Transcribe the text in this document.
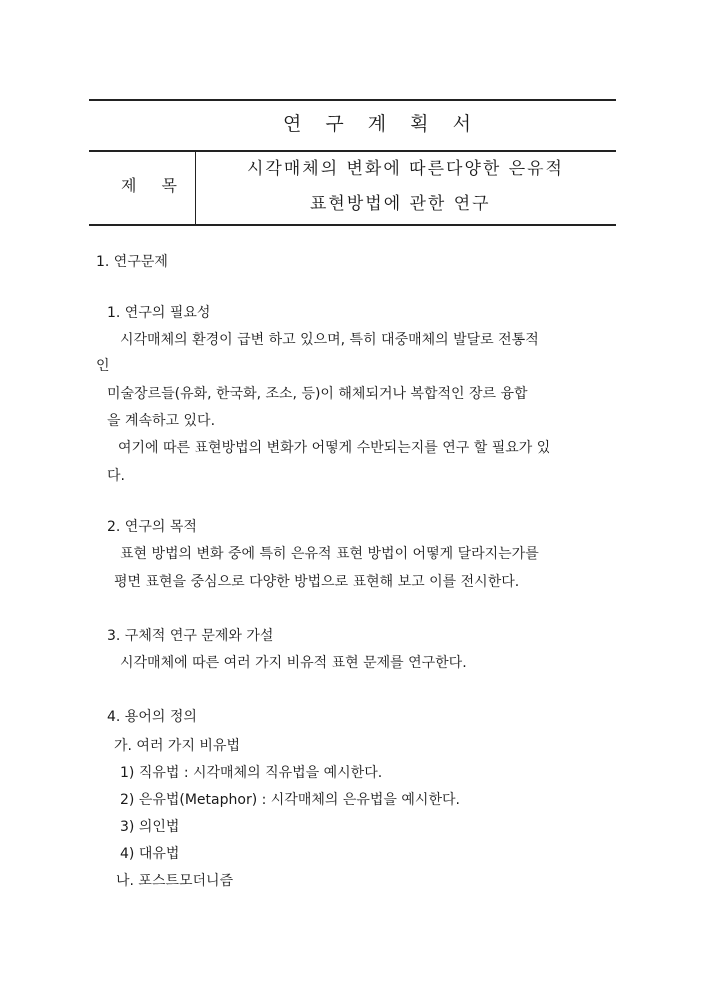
연 구 계 획 서
제 목
시각매체의 변화에 따른다양한 은유적
표현방법에 관한 연구
1. 연구문제
1. 연구의 필요성
시각매체의 환경이 급변 하고 있으며, 특히 대중매체의 발달로 전통적
인
미술장르들(유화, 한국화, 조소, 등)이 해체되거나 복합적인 장르 융합
을 계속하고 있다.
여기에 따른 표현방법의 변화가 어떻게 수반되는지를 연구 할 필요가 있
다.
2. 연구의 목적
표현 방법의 변화 중에 특히 은유적 표현 방법이 어떻게 달라지는가를
평면 표현을 중심으로 다양한 방법으로 표현해 보고 이를 전시한다.
3. 구체적 연구 문제와 가설
시각매체에 따른 여러 가지 비유적 표현 문제를 연구한다.
4. 용어의 정의
가. 여러 가지 비유법
1) 직유법 : 시각매체의 직유법을 예시한다.
2) 은유법(Metaphor) : 시각매체의 은유법을 예시한다.
3) 의인법
4) 대유법
나. 포스트모더니즘
